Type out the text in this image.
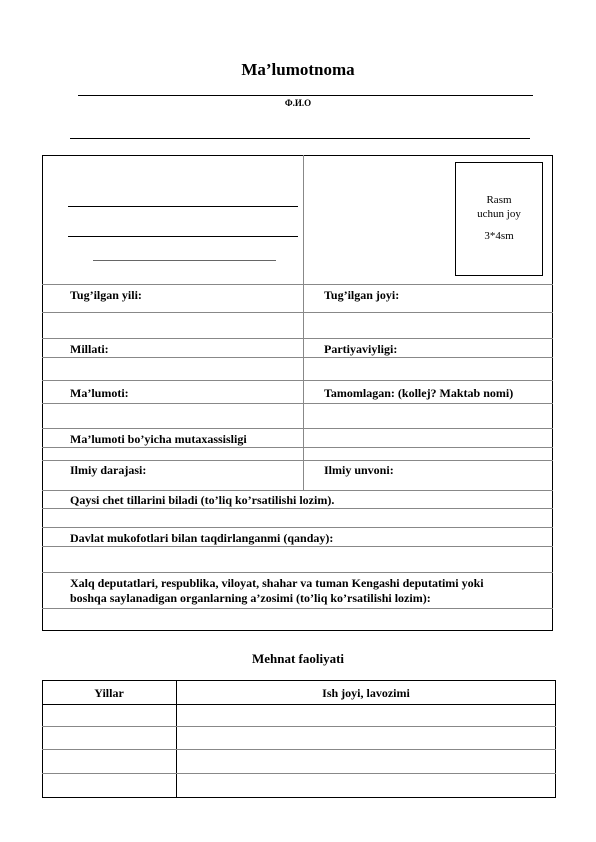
Ma’lumotnoma
Ф.И.О
Rasm
uchun joy
3*4sm
Tug’ilgan yili:	Tug’ilgan joyi:
Millati:	Partiyaviyligi:
Ma’lumoti:	Tamomlagan: (kollej? Maktab nomi)
Ma’lumoti bo’yicha mutaxassisligi
Ilmiy darajasi:	Ilmiy unvoni:
Qaysi chet tillarini biladi (to’liq ko’rsatilishi lozim).
Davlat mukofotlari bilan taqdirlanganmi (qanday):
Xalq deputatlari, respublika, viloyat, shahar va tuman Kengashi deputatimi yoki
boshqa saylanadigan organlarning a’zosimi (to’liq ko’rsatilishi lozim):
Mehnat faoliyati
Yillar	Ish joyi, lavozimi
